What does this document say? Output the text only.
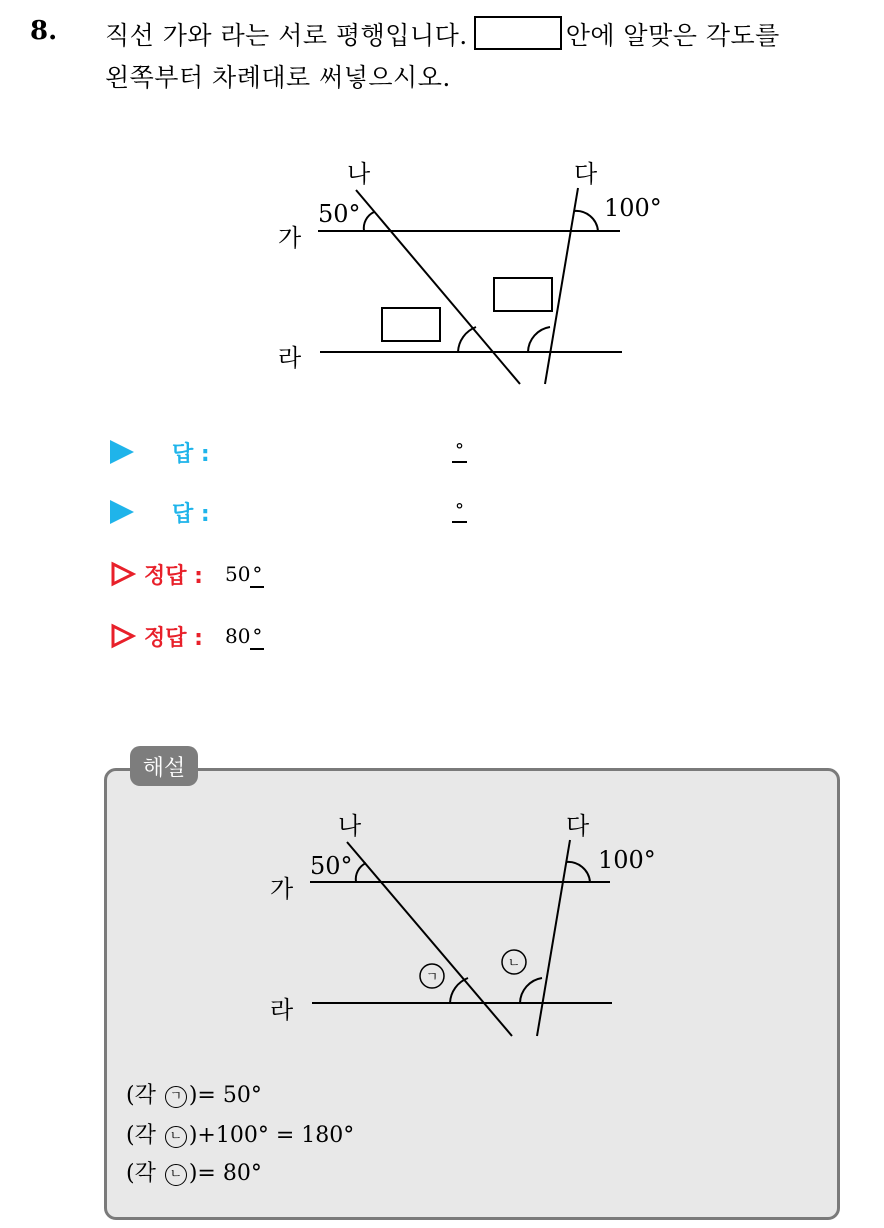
8. 직선 가와 라는 서로 평행입니다.	안에 알맞은 각도를
왼쪽부터 차례대로 써넣으시오.
가
라
나	다
50°	100°
답 :	°
답 :	°
정답 : 50 °
정답 : 80 °
해설
가
라
나	다
50°	100°
ㄱ
ㄴ
(각 ㄱ )= 50°
(각 ㄴ )+100° = 180°
(각 ㄴ )= 80°
